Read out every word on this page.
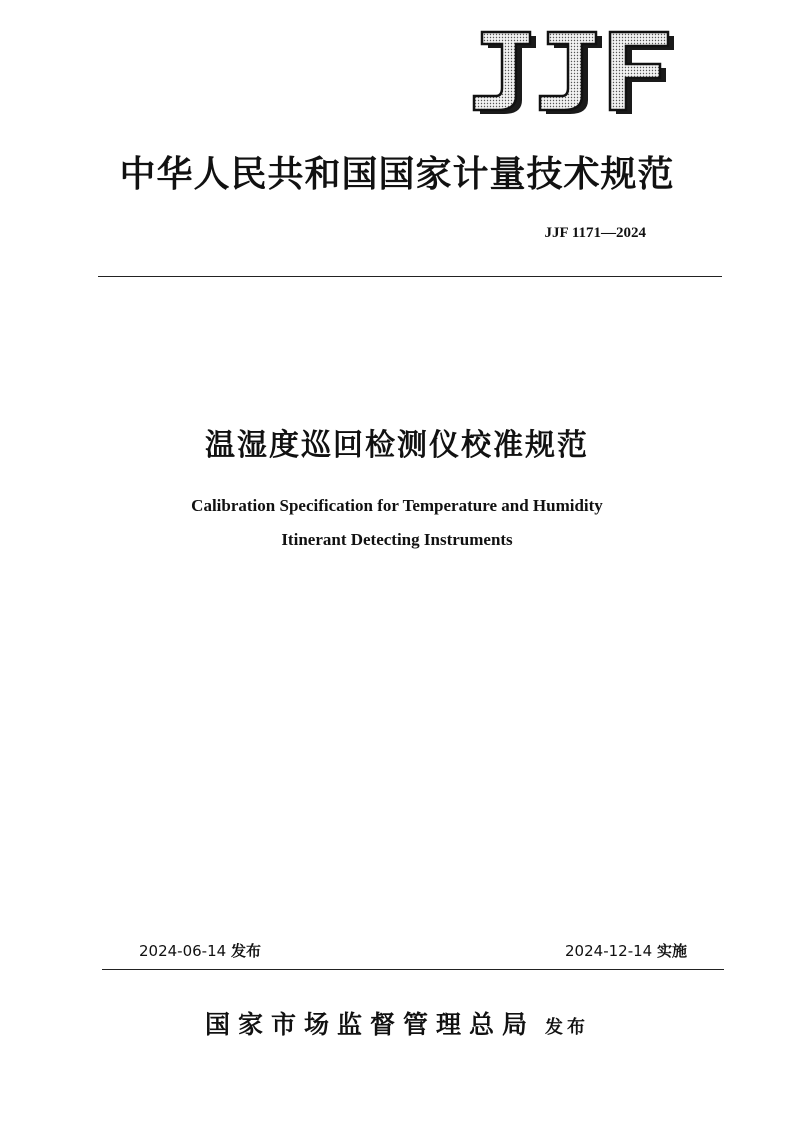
中华人民共和国国家计量技术规范
JJF 1171—2024
温湿度巡回检测仪校准规范
Calibration Specification for Temperature and Humidity
Itinerant Detecting Instruments
2024-06-14 发布	2024-12-14 实施
国家市场监督管理总局 发布
